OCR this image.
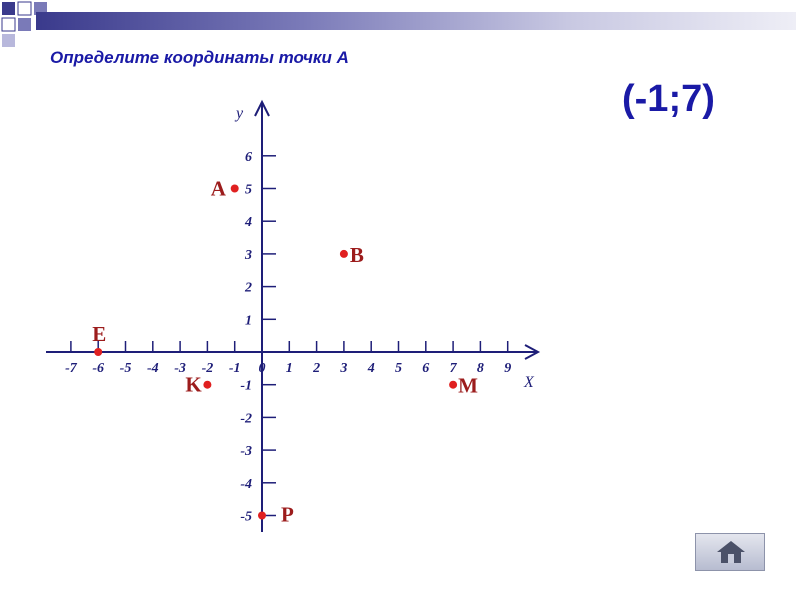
Определите координаты точки А
(-1;7)
-7 -6 -5 -4 -3 -2 -1 0 1 2 3 4 5 6 7 8 9
6
5
4
3
2
1
-1
-2
-3
-4
-5
X
y
A
B
E
K	M
P
